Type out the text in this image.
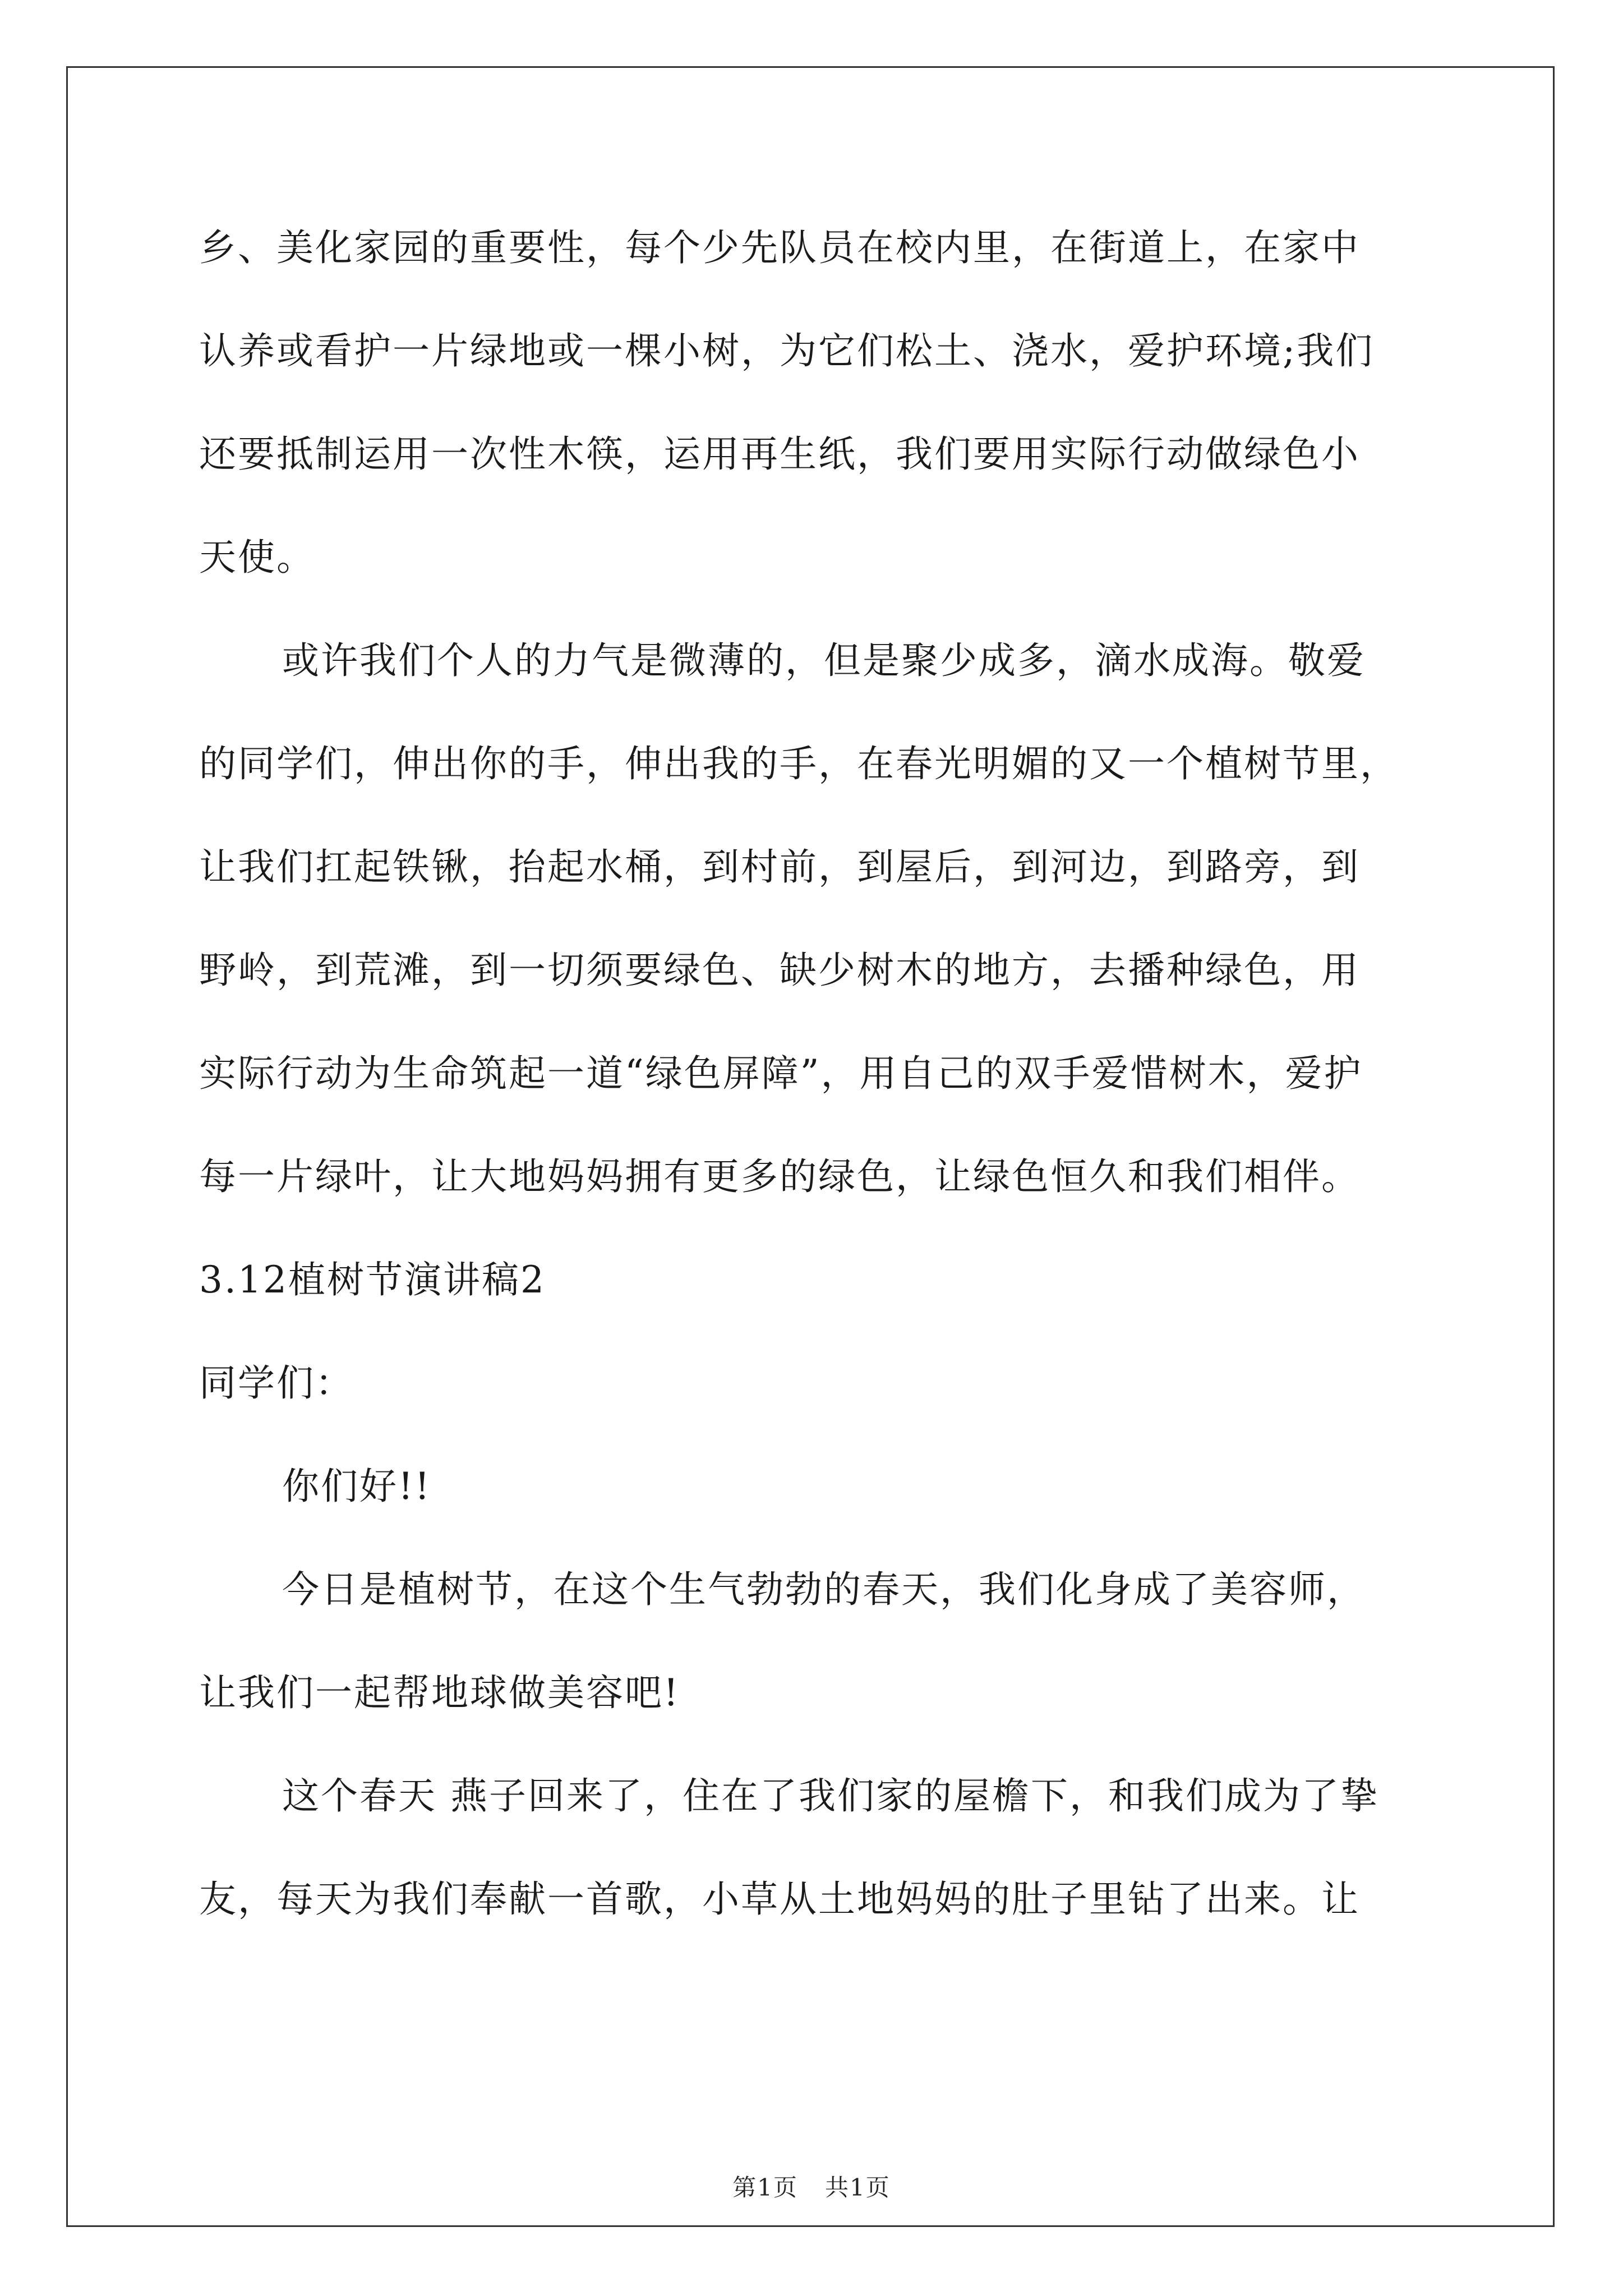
乡、美化家园的重要性，每个少先队员在校内里，在街道上，在家中
认养或看护一片绿地或一棵小树，为它们松土、浇水，爱护环境;我们
还要抵制运用一次性木筷，运用再生纸，我们要用实际行动做绿色小
天使。
或许我们个人的力气是微薄的，但是聚少成多，滴水成海。敬爱
的同学们，伸出你的手，伸出我的手，在春光明媚的又一个植树节里，
让我们扛起铁锹，抬起水桶，到村前，到屋后，到河边，到路旁，到
野岭，到荒滩，到一切须要绿色、缺少树木的地方，去播种绿色，用
实际行动为生命筑起一道“绿色屏障”，用自己的双手爱惜树木，爱护
每一片绿叶，让大地妈妈拥有更多的绿色，让绿色恒久和我们相伴。
3.12植树节演讲稿2
同学们：
你们好!!
今日是植树节，在这个生气勃勃的春天，我们化身成了美容师，
让我们一起帮地球做美容吧!
这个春天 燕子回来了，住在了我们家的屋檐下，和我们成为了挚
友，每天为我们奉献一首歌，小草从土地妈妈的肚子里钻了出来。让
第1页 共1页
